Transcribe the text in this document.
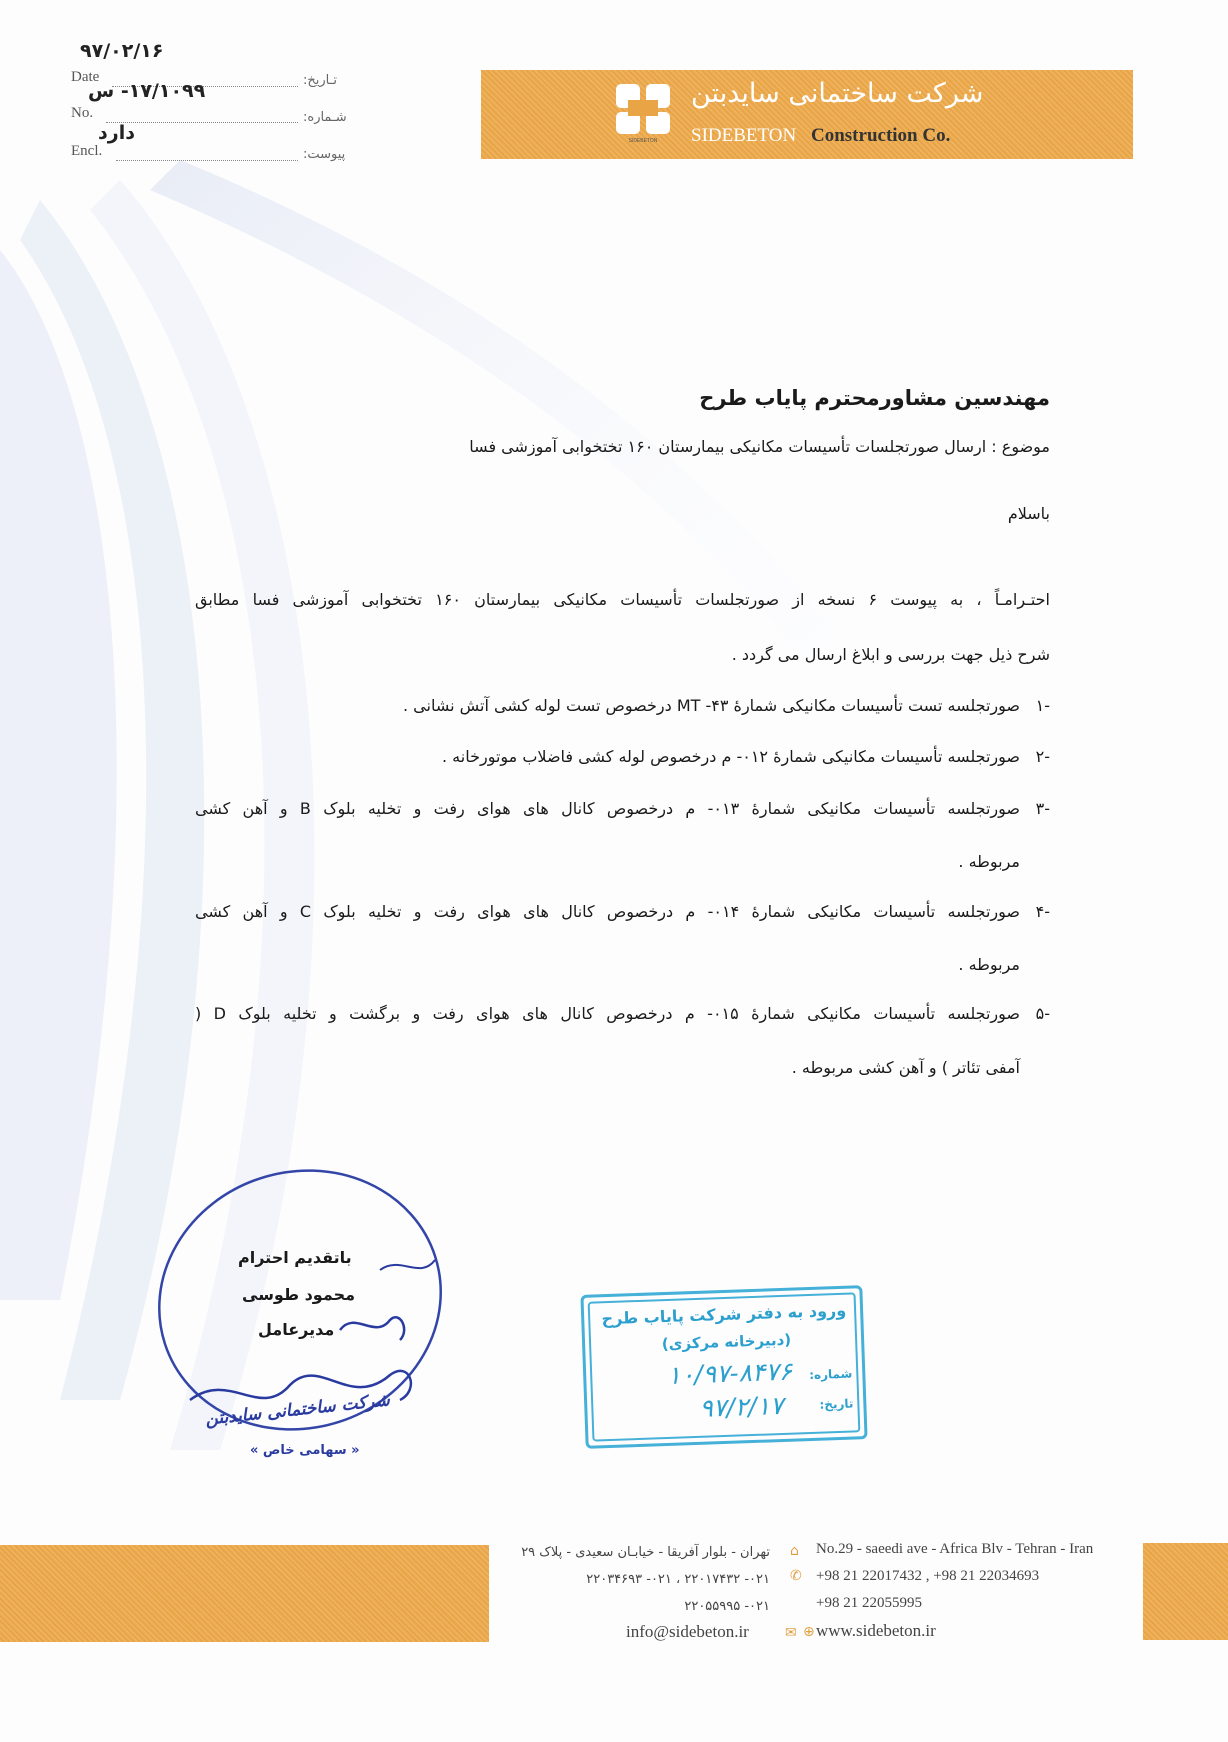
۹۷/۰۲/۱۶
Date	تـاریخ:
۱۷/۱۰۹۹- س
No.	شـماره:
دارد
Encl.	پیوست:
SIDEBETON
شرکت ساختمانی سایدبتن
SIDEBETON Construction Co.
مهندسین مشاورمحترم پایاب طرح
موضوع : ارسال صورتجلسات تأسیسات مکانیکی بیمارستان ۱۶۰ تختخوابی آموزشی فسا
باسلام
احتـرامـاً ، به پیوست ۶ نسخه از صورتجلسات تأسیسات مکانیکی بیمارستان ۱۶۰ تختخوابی آموزشی فسا مطابق
شرح ذیل جهت بررسی و ابلاغ ارسال می گردد .
۱-
صورتجلسه تست تأسیسات مکانیکی شمارهٔ ۴۳- MT درخصوص تست لوله کشی آتش نشانی .
۲-
صورتجلسه تأسیسات مکانیکی شمارهٔ ۰۱۲- م درخصوص لوله کشی فاضلاب موتورخانه .
۳-
صورتجلسه تأسیسات مکانیکی شمارهٔ ۰۱۳- م درخصوص کانال های هوای رفت و تخلیه بلوک B و آهن کشی
مربوطه .
۴-
صورتجلسه تأسیسات مکانیکی شمارهٔ ۰۱۴- م درخصوص کانال های هوای رفت و تخلیه بلوک C و آهن کشی
مربوطه .
۵-
صورتجلسه تأسیسات مکانیکی شمارهٔ ۰۱۵- م درخصوص کانال های هوای رفت و برگشت و تخلیه بلوک D (
آمفی تئاتر ) و آهن کشی مربوطه .
باتقدیم احترام
محمود طوسی
مدیرعامل
شرکت ساختمانی سایدبتن
« سهامی خاص »
ورود به دفتر شرکت پایاب طرح
(دبیرخانه مرکزی)
شماره:
۱۰/۹۷-۸۴۷۶
تاریخ:
۹۷/۲/۱۷
تهران - بلوار آفریقا - خیابـان سعیدی - پلاک ۲۹ ⌂ No.29 - saeedi ave - Africa Blv - Tehran - Iran
۰۲۱- ۲۲۰۱۷۴۳۲ ، ۰۲۱- ۲۲۰۳۴۶۹۳ ✆ +98 21 22017432 , +98 21 22034693
۰۲۱- ۲۲۰۵۵۹۹۵	+98 21 22055995
info@sidebeton.ir	✉ ⊕ www.sidebeton.ir
